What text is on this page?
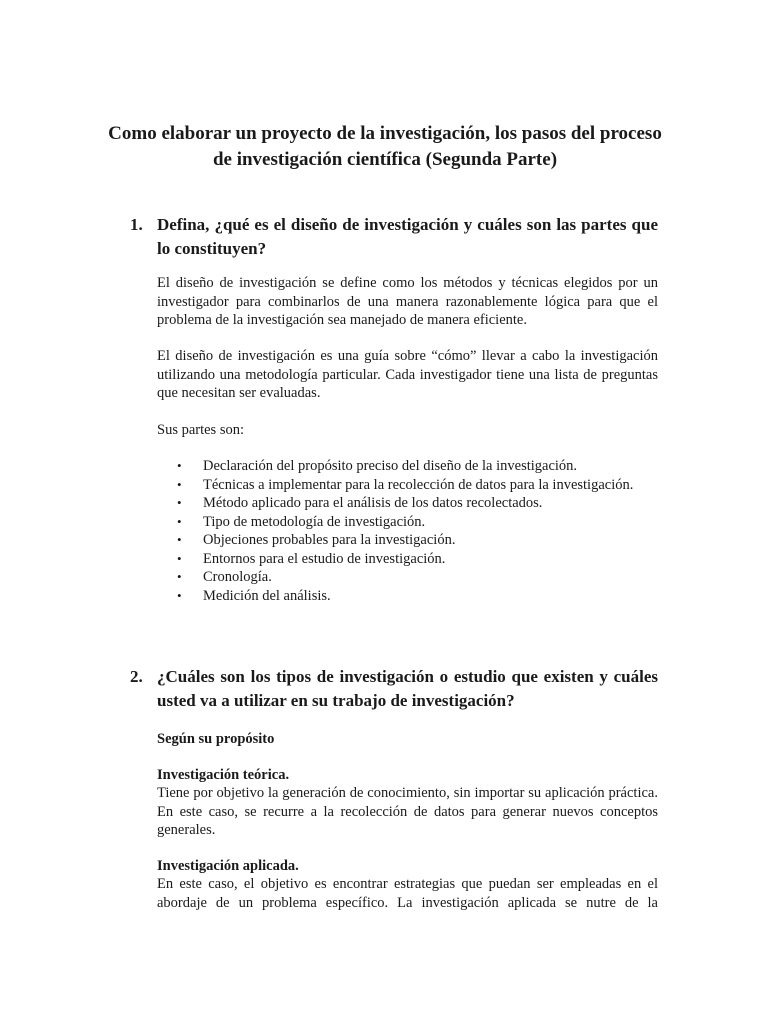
Como elaborar un proyecto de la investigación, los pasos del proceso de investigación científica (Segunda Parte)
1. Defina, ¿qué es el diseño de investigación y cuáles son las partes que lo constituyen?

El diseño de investigación se define como los métodos y técnicas elegidos por un investigador para combinarlos de una manera razonablemente lógica para que el problema de la investigación sea manejado de manera eficiente.

El diseño de investigación es una guía sobre “cómo” llevar a cabo la investigación utilizando una metodología particular. Cada investigador tiene una lista de preguntas que necesitan ser evaluadas.

Sus partes son:

• Declaración del propósito preciso del diseño de la investigación.
• Técnicas a implementar para la recolección de datos para la investigación.
• Método aplicado para el análisis de los datos recolectados.
• Tipo de metodología de investigación.
• Objeciones probables para la investigación.
• Entornos para el estudio de investigación.
• Cronología.
• Medición del análisis.
2. ¿Cuáles son los tipos de investigación o estudio que existen y cuáles usted va a utilizar en su trabajo de investigación?
Según su propósito
Investigación teórica.

Tiene por objetivo la generación de conocimiento, sin importar su aplicación práctica. En este caso, se recurre a la recolección de datos para generar nuevos conceptos generales.

Investigación aplicada.

En este caso, el objetivo es encontrar estrategias que puedan ser empleadas en el abordaje de un problema específico. La investigación aplicada se nutre de la
